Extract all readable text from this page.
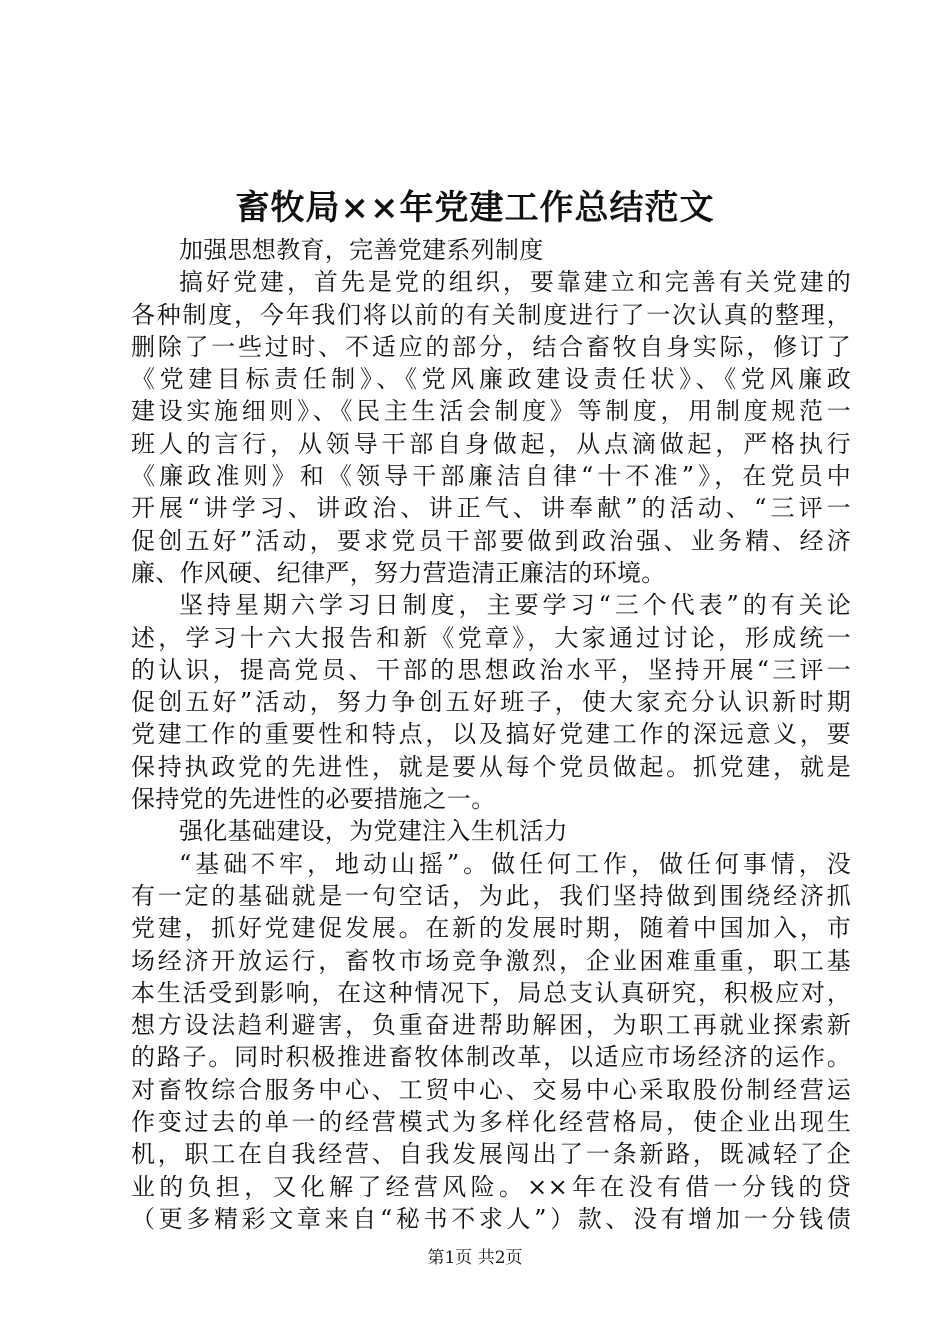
畜牧局××年党建工作总结范文
加强思想教育，完善党建系列制度
搞好党建，首先是党的组织，要靠建立和完善有关党建的
各种制度，今年我们将以前的有关制度进行了一次认真的整理，
删除了一些过时、不适应的部分，结合畜牧自身实际，修订了
《党建目标责任制》、《党风廉政建设责任状》、《党风廉政
建设实施细则》、《民主生活会制度》等制度，用制度规范一
班人的言行，从领导干部自身做起，从点滴做起，严格执行
《廉政准则》和《领导干部廉洁自律“十不准”》，在党员中
开展“讲学习、讲政治、讲正气、讲奉献”的活动、“三评一
促创五好”活动，要求党员干部要做到政治强、业务精、经济
廉、作风硬、纪律严，努力营造清正廉洁的环境。
坚持星期六学习日制度，主要学习“三个代表”的有关论
述，学习十六大报告和新《党章》，大家通过讨论，形成统一
的认识，提高党员、干部的思想政治水平，坚持开展“三评一
促创五好”活动，努力争创五好班子，使大家充分认识新时期
党建工作的重要性和特点，以及搞好党建工作的深远意义，要
保持执政党的先进性，就是要从每个党员做起。抓党建，就是
保持党的先进性的必要措施之一。
强化基础建设，为党建注入生机活力
“基础不牢，地动山摇”。做任何工作，做任何事情，没
有一定的基础就是一句空话，为此，我们坚持做到围绕经济抓
党建，抓好党建促发展。在新的发展时期，随着中国加入，市
场经济开放运行，畜牧市场竞争激烈，企业困难重重，职工基
本生活受到影响，在这种情况下，局总支认真研究，积极应对，
想方设法趋利避害，负重奋进帮助解困，为职工再就业探索新
的路子。同时积极推进畜牧体制改革，以适应市场经济的运作。
对畜牧综合服务中心、工贸中心、交易中心采取股份制经营运
作变过去的单一的经营模式为多样化经营格局，使企业出现生
机，职工在自我经营、自我发展闯出了一条新路，既减轻了企
业的负担，又化解了经营风险。××年在没有借一分钱的贷
（更多精彩文章来自“秘书不求人”）款、没有增加一分钱债
第1页 共2页
